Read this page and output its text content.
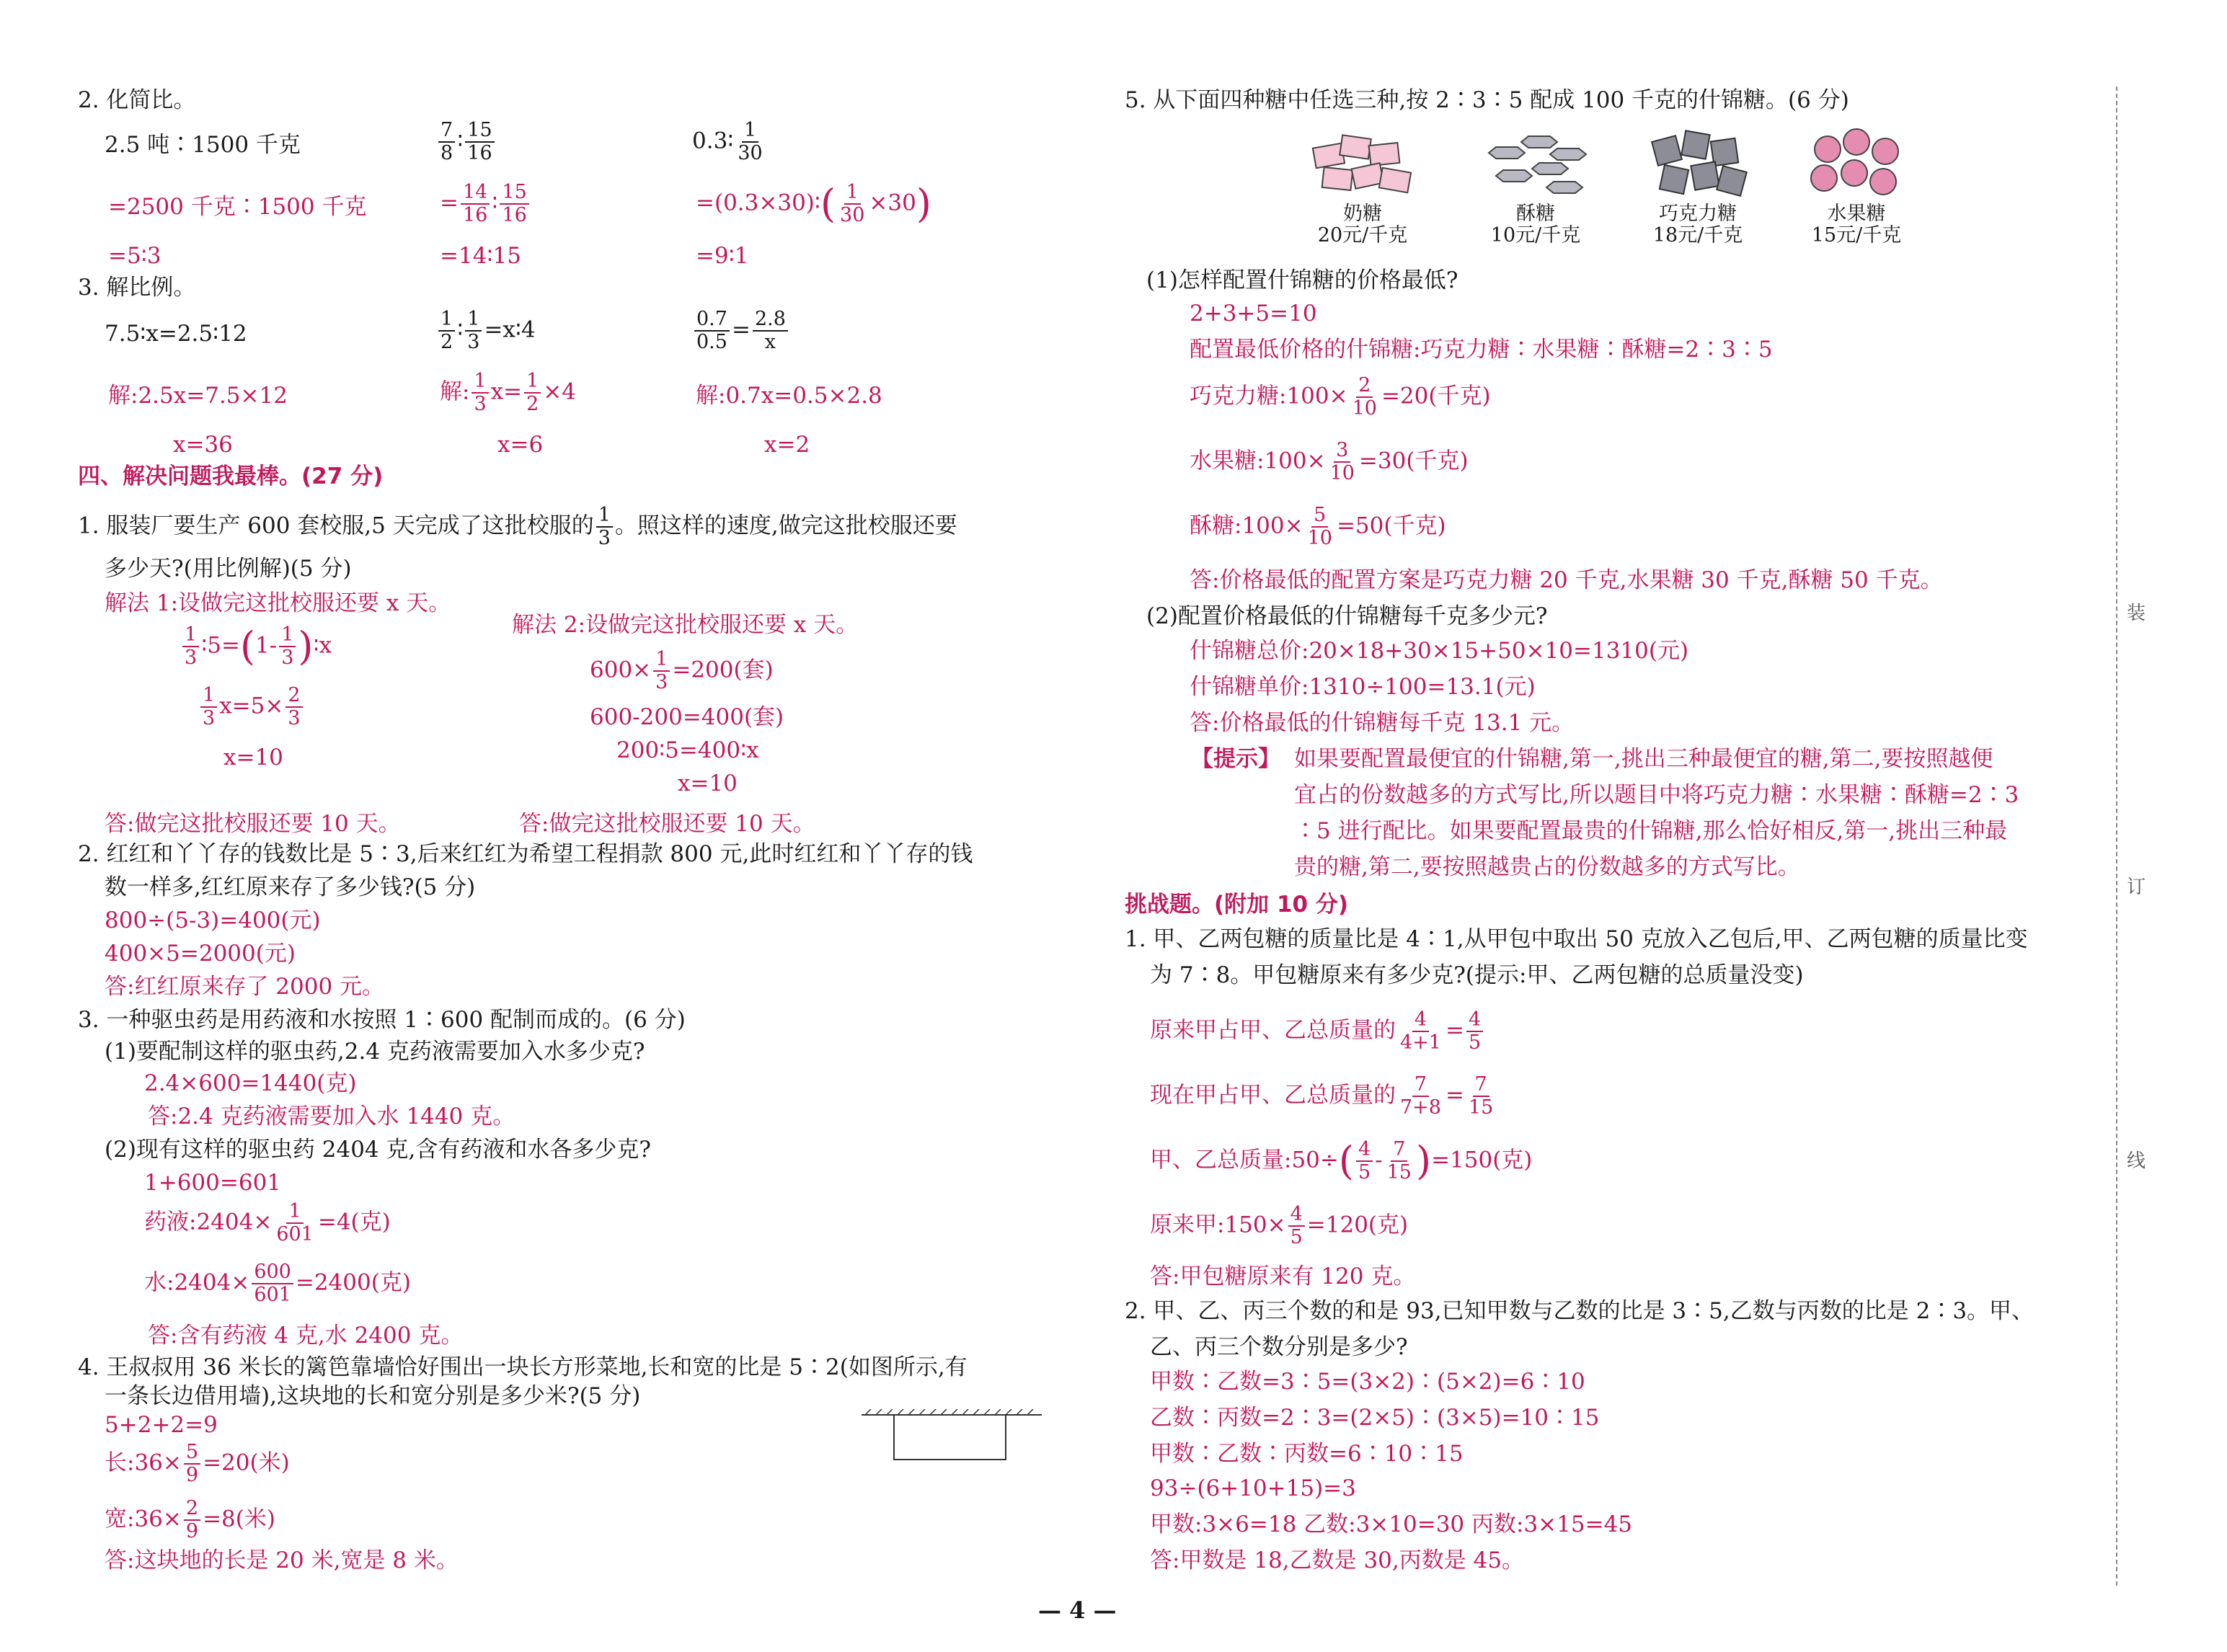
2. 化简比。
2.5 吨∶1500 千克
=2500 千克∶1500 千克
=5∶3
$\frac{7}{8}$ ∶ $\frac{15}{16}$
= $\frac{14}{16}$ ∶ $\frac{15}{16}$
=14∶15
0.3∶ $\frac{1}{30}$
=(0.3×30)∶( $\frac{1}{30} \times 30$)
=9∶1
3. 解比例。
7.5∶x=2.5∶12
解:2.5x=7.5×12
x=36
$\frac{1}{2}$ ∶ $\frac{1}{3}$ =x∶4
解: $\frac{1}{3} x= \frac{1}{2} \times 4$
x=6
$\frac{0.7}{0.5} = \frac{2.8}{x}$
解:0.7x=0.5×2.8
x=2
四、解决问题我最棒。(27 分)
1. 服装厂要生产 600 套校服,5 天完成了这批校服的 $\frac{1}{3}$ 。照这样的速度,做完这批校服还要
多少天?(用比例解)(5 分)
解法 1:设做完这批校服还要 x 天。
$\frac{1}{3}$ ∶5=(1- $\frac{1}{3}$ )∶x
$\frac{1}{3} x=5\times \frac{2}{3}$
x=10
解法 2:设做完这批校服还要 x 天。
$600\times \frac{1}{3} =200$(套)
600-200=400(套)
200∶5=400∶x
x=10
答:做完这批校服还要 10 天。	答:做完这批校服还要 10 天。
2. 红红和丫丫存的钱数比是 5∶3,后来红红为希望工程捐款 800 元,此时红红和丫丫存的钱
数一样多,红红原来存了多少钱?(5 分)
800÷(5-3)=400(元)
400×5=2000(元)
答:红红原来存了 2000 元。
3. 一种驱虫药是用药液和水按照 1∶600 配制而成的。(6 分)
(1)要配制这样的驱虫药,2.4 克药液需要加入水多少克?
2.4×600=1440(克)
答:2.4 克药液需要加入水 1440 克。
(2)现有这样的驱虫药 2404 克,含有药液和水各多少克?
1+600=601
药液:2404× $\frac{1}{601} =4$(克)
水:2404× $\frac{600}{601} =2400$(克)
答:含有药液 4 克,水 2400 克。
4. 王叔叔用 36 米长的篱笆靠墙恰好围出一块长方形菜地,长和宽的比是 5∶2(如图所示,有
一条长边借用墙),这块地的长和宽分别是多少米?(5 分)
5+2+2=9
长:36× $\frac{5}{9} =20$(米)
宽:36× $\frac{2}{9} =8$(米)
答:这块地的长是 20 米,宽是 8 米。
5. 从下面四种糖中任选三种,按 2∶3∶5 配成 100 千克的什锦糖。(6 分)
奶糖
20元/千克
酥糖
10元/千克
巧克力糖
18元/千克
水果糖
15元/千克
(1)怎样配置什锦糖的价格最低?
2+3+5=10
配置最低价格的什锦糖:巧克力糖∶水果糖∶酥糖=2∶3∶5
巧克力糖:100× $\frac{2}{10} =20$(千克)
水果糖:100× $\frac{3}{10} =30$(千克)
酥糖:100× $\frac{5}{10} =50$(千克)
答:价格最低的配置方案是巧克力糖 20 千克,水果糖 30 千克,酥糖 50 千克。
(2)配置价格最低的什锦糖每千克多少元?
什锦糖总价:20×18+30×15+50×10=1310(元)
什锦糖单价:1310÷100=13.1(元)
答:价格最低的什锦糖每千克 13.1 元。
【提示】 如果要配置最便宜的什锦糖,第一,挑出三种最便宜的糖,第二,要按照越便
宜占的份数越多的方式写比,所以题目中将巧克力糖∶水果糖∶酥糖=2∶3
∶5 进行配比。如果要配置最贵的什锦糖,那么恰好相反,第一,挑出三种最
贵的糖,第二,要按照越贵占的份数越多的方式写比。
挑战题。(附加 10 分)
1. 甲、乙两包糖的质量比是 4∶1,从甲包中取出 50 克放入乙包后,甲、乙两包糖的质量比变
为 7∶8。甲包糖原来有多少克?(提示:甲、乙两包糖的总质量没变)
原来甲占甲、乙总质量的 $\frac{4}{4+1} = \frac{4}{5}$
现在甲占甲、乙总质量的 $\frac{7}{7+8} = \frac{7}{15}$
甲、乙总质量:50÷( $\frac{4}{5} - \frac{7}{15} )=150$(克)
原来甲:150× $\frac{4}{5} =120$(克)
答:甲包糖原来有 120 克。
2. 甲、乙、丙三个数的和是 93,已知甲数与乙数的比是 3∶5,乙数与丙数的比是 2∶3。甲、
乙、丙三个数分别是多少?
甲数∶乙数=3∶5=(3×2)∶(5×2)=6∶10
乙数∶丙数=2∶3=(2×5)∶(3×5)=10∶15
甲数∶乙数∶丙数=6∶10∶15
93÷(6+10+15)=3
甲数:3×6=18 乙数:3×10=30 丙数:3×15=45
答:甲数是 18,乙数是 30,丙数是 45。
装
订
线
— 4 —
